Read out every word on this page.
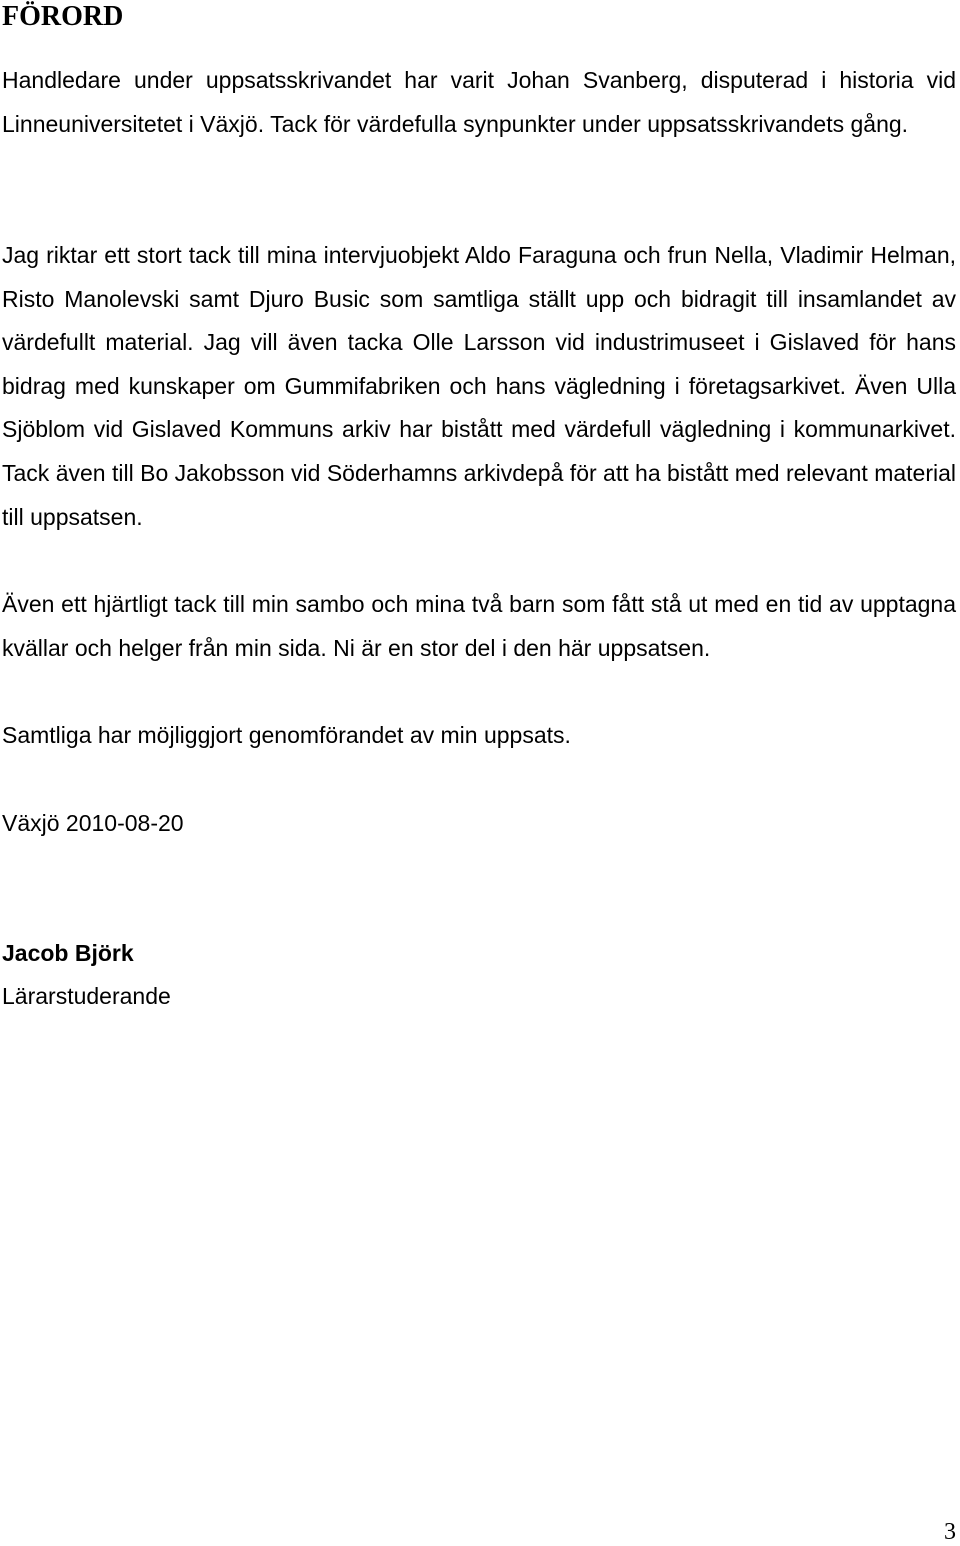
FÖRORD

Handledare under uppsatsskrivandet har varit Johan Svanberg, disputerad i historia vid Linneuniversitetet i Växjö. Tack för värdefulla synpunkter under uppsatsskrivandets gång.

Jag riktar ett stort tack till mina intervjuobjekt Aldo Faraguna och frun Nella, Vladimir Helman, Risto Manolevski samt Djuro Busic som samtliga ställt upp och bidragit till insamlandet av värdefullt material. Jag vill även tacka Olle Larsson vid industrimuseet i Gislaved för hans bidrag med kunskaper om Gummifabriken och hans vägledning i företagsarkivet. Även Ulla Sjöblom vid Gislaved Kommuns arkiv har bistått med värdefull vägledning i kommunarkivet. Tack även till Bo Jakobsson vid Söderhamns arkivdepå för att ha bistått med relevant material till uppsatsen.

Även ett hjärtligt tack till min sambo och mina två barn som fått stå ut med en tid av upptagna kvällar och helger från min sida. Ni är en stor del i den här uppsatsen.

Samtliga har möjliggjort genomförandet av min uppsats.

Växjö 2010-08-20

Jacob Björk

Lärarstuderande

3
